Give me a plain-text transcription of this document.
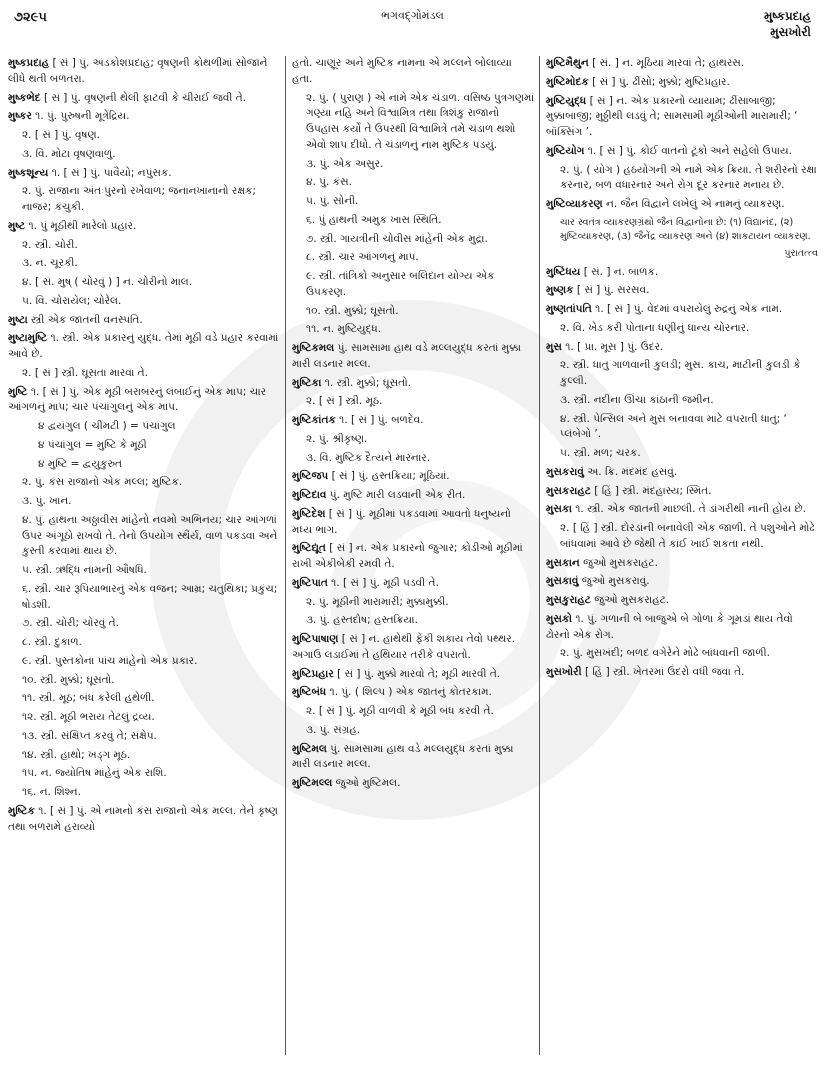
૭૨૯૫	ભગવદ્ગોમંડલ	મુષ્કપ્રદાહ
મુસખોરી
મુષ્કપ્રદાહ [ સં ] પું. અંડકોશપ્રદાહ; વૃષણની કોથળીમાં સોજાને લીધે થતી બળતરા.
મુષ્કભેદ [ સં ] પું. વૃષણની થેલી ફાટવી કે ચીરાઈ જવી તે.
મુષ્કર ૧. પું. પુરુષની મૂત્રેંદ્રિય.
૨. [ સં ] પું. વૃષણ.
૩. વિ. મોટા વૃષણવાળું.
મુષ્કશૂન્ય ૧. [ સં ] પું. પાવૈયો; નપુંસક.
૨. પું. રાજાના અંતઃપુરનો રખેવાળ; જનાનખાનાનો રક્ષક; નાજર; કંચુકી.
મુષ્ટ ૧. પું મૂઠીથી મારેલો પ્રહાર.
૨. સ્ત્રી. ચોરી.
૩. ન. ચૂરકી.
૪. [ સં. મુષ્ ( ચોરવું ) ] ન. ચોરીનો માલ.
૫. વિ. ચોરાયેલ; ચોરેલ.
મુષ્ટા સ્ત્રી એક જાતની વનસ્પતિ.
મુષ્ટામુષ્ટિ ૧. સ્ત્રી. એક પ્રકારનું યુદ્ધ. તેમાં મૂઠી વડે પ્રહાર કરવામાં આવે છે.
૨. [ સં ] સ્ત્રી. ઘૂસતા મારવા તે.
મુષ્ટિ ૧. [ સં ] પું. એક મૂઠી બરાબરનું લંબાઈનું એક માપ; ચાર આંગળનું માપ; ચાર પંચાંગુલનું એક માપ.
૪ દ્વયંગુલ ( ચીમટી ) = પંચાંગુલ
૪ પંચાંગુલ = મુષ્ટિ કે મૂઠી
૪ મુષ્ટિ = દ્વયુકુરુત
૨. પું. કંસ રાજાનો એક મલ્લ; મુષ્ટિક.
૩. પું. ખાન.
૪. પું. હાથના અઠ્ઠાવીસ માંહેનો નવમો અભિનય; ચાર આંગળાં ઉપર અંગૂઠો રાખવો તે. તેનો ઉપયોગ સ્થૈર્ય, વાળ પકડવા અને કુસ્તી કરવામાં થાય છે.
૫. સ્ત્રી. ઋદ્ધિ નામની ઔષધિ.
૬. સ્ત્રી. ચાર રૂપિયાભારનું એક વજન; આમ્ર; ચતુથિકા; પ્રકુંચ; ષોડશી.
૭. સ્ત્રી. ચોરી; ચોરવું તે.
૮. સ્ત્રી. દુકાળ.
૯. સ્ત્રી. પુસ્તકોના પાંચ માંહેનો એક પ્રકાર.
૧૦. સ્ત્રી. મુક્કો; ઘૂસતો.
૧૧. સ્ત્રી. મૂઠ; બંધ કરેલી હથેળી.
૧૨. સ્ત્રી. મૂઠી ભરાય તેટલું દ્રવ્ય.
૧૩. સ્ત્રી. સંક્ષિપ્ત કરવું તે; સંક્ષેપ.
૧૪. સ્ત્રી. હાથો; ખડ્ગ મૂઠ.
૧૫. ન. જ્યોતિષ માંહેનું એક રાશિ.
૧૬. ન. શિશ્ન.
મુષ્ટિક ૧. [ સં ] પું. એ નામનો કંસ રાજાનો એક મલ્લ. તેને કૃષ્ણ તથા બળરામે હરાવ્યો
હતો. ચાણૂર અને મુષ્ટિક નામના એ મલ્લને બોલાવ્યા હતા.
૨. પું. ( પુરાણ ) એ નામે એક ચંડાળ. વસિષ્ઠ પુત્રગણમાં ગણ્યા નહિ અને વિશ્વામિત્ર તથા ત્રિશંકુ રાજાનો ઉપહાસ કર્યો તે ઉપરથી વિશ્વામિત્રે તમે ચંડાળ થશો એવો શાપ દીધો. તે ચંડાળનું નામ મુષ્ટિક પડયું.
૩. પું. એક અસુર.
૪. પું. કંસ.
૫. પું. સોની.
૬. પું હાથની અમુક ખાસ સ્થિતિ.
૭. સ્ત્રી. ગાયત્રીની ચોવીસ માંહેની એક મુદ્રા.
૮. સ્ત્રી. ચાર આંગળનું માપ.
૯. સ્ત્રી. તાંત્રિકો અનુસાર બલિદાન યોગ્ય એક ઉપકરણ.
૧૦. સ્ત્રી. મુક્કો; ઘૂસતો.
૧૧. ન. મુષ્ટિયુદ્ધ.
મુષ્ટિકમલ પું. સામસામા હાથ વડે મલ્લયુદ્ધ કરતાં મુક્કા મારી લડનાર મલ્લ.
મુષ્ટિકા ૧. સ્ત્રી. મુક્કો; ઘૂસતો.
૨. [ સં ] સ્ત્રી. મૂઠ.
મુષ્ટિકાંતક ૧. [ સં ] પું. બળદેવ.
૨. પું. શ્રીકૃષ્ણ.
૩. વિ. મુષ્ટિક દૈત્યને મારનાર.
મુષ્ટિજપ [ સં ] પું. હસ્તક્રિયા; મૂઠિયાં.
મુષ્ટિદાવ પું. મુષ્ટિ મારી લડવાની એક રીત.
મુષ્ટિદેશ [ સં ] પું. મૂઠીમાં પકડવામાં આવતો ધનુષ્યનો મધ્ય ભાગ.
મુષ્ટિદ્યૂત [ સં ] ન. એક પ્રકારનો જુગાર; કોડીઓ મૂઠીમાં રાખી એકીબેકી રમવી તે.
મુષ્ટિપાત ૧. [ સં ] પું. મૂઠી પડવી તે.
૨. પું. મૂઠીની મારામારી; મુક્કામુક્કી.
૩. પું. હસ્તદોષ; હસ્તક્રિયા.
મુષ્ટિપાષાણ [ સં ] ન. હાથેથી ફેંકી શકાય તેવો પથ્થર. અગાઉ લડાઈમાં તે હથિયાર તરીકે વપરાતો.
મુષ્ટિપ્રહાર [ સં ] પું. મુક્કો મારવો તે; મૂઠી મારવી તે.
મુષ્ટિબંધ ૧. પું. ( શિલ્પ ) એક જાતનું કોતરકામ.
૨. [ સં ] પું. મૂઠી વાળવી કે મૂઠી બંધ કરવી તે.
૩. પું. સંગ્રહ.
મુષ્ટિમલ પું. સામસામા હાથ વડે મલ્લયુદ્ધ કરતાં મુક્કા મારી લડનાર મલ્લ.
મુષ્ટિમલ્લ જુઓ મુષ્ટિમલ.
મુષ્ટિમૈથુન [ સં. ] ન. મૂઠિયાં મારવાં તે; હાથરસ.
મુષ્ટિમોદક [ સં ] પું. ઢીંસો; મુક્કો; મુષ્ટિપ્રહાર.
મુષ્ટિયુદ્ધ [ સં ] ન. એક પ્રકારનો વ્યાયામ; ઢીંસાબાજી; મુક્કાબાજી; મુઠ્ઠીથી લડવું તે; સામસામી મૂઠીઓની મારામારી; ‘ બૉક્સિંગ ’.
મુષ્ટિયોગ ૧. [ સં ] પું. કોઈ વાતનો ટૂંકો અને સહેલો ઉપાય.
૨. પું. ( યોગ ) હઠયોગની એ નામે એક ક્રિયા. તે શરીરનો રક્ષા કરનાર, બળ વધારનાર અને રોગ દૂર કરનાર મનાય છે.
મુષ્ટિવ્યાકરણ ન. જૈન વિદ્વાને લખેલું એ નામનું વ્યાકરણ.
ચાર સ્વતંત્ર વ્યાકરણગ્રંથો જૈન વિદ્વાનોના છે: (૧) વિદ્યાનંદ, (૨) મુષ્ટિવ્યાકરણ, (૩) જૈનેંદ્ર વ્યાકરણ અને (૪) શાકટાયન વ્યાકરણ.
પુરાતત્ત્વ
મુષ્ટિંધય [ સં. ] ન. બાળક.
મુષ્ણક [ સં ] પું. સરસવ.
મુષ્ણતાંપતિ ૧. [ સં ] પું. વેદમાં વપરાયેલું રુદ્રનું એક નામ.
૨. વિ. ખેડ કરી પોતાના ધણીનું ધાન્ય ચોરનાર.
મુસ ૧. [ પ્રા. મૂસ ] પું. ઉંદર.
૨. સ્ત્રી. ધાતુ ગાળવાની કુલડી; મુસ. કાચ, માટીની કુલડી કે કુલ્લી.
૩. સ્ત્રી. નદીના ઊંચા કાંઠાની જમીન.
૪. સ્ત્રી. પેન્સિલ અને મુસ બનાવવા માટે વપરાતી ધાતુ; ‘ પ્લંબેગો ’.
૫. સ્ત્રી. મળ; ચરક.
મુસકરાવું અ. ક્રિ. મંદમંદ હસવું.
મુસકરાહટ [ હિં ] સ્ત્રી. મંદહાસ્ય; સ્મિત.
મુસકા ૧. સ્ત્રી. એક જાતની માછલી. તે ડાંગરીથી નાની હોય છે.
૨. [ હિં ] સ્ત્રી. દોરડાંની બનાવેલી એક જાળી. તે પશુઓને મોઢે બાંધવામાં આવે છે જેથી તે કાંઈ ખાઈ શકતા નથી.
મુસકાન જુઓ મુસકરાહટ.
મુસકાવું જુઓ મુસકરાવું.
મુસકુરાહટ જુઓ મુસકરાહટ.
મુસકો ૧. પું. ગળાની બે બાજુએ બે ગોળા કે ગૂમડાં થાય તેવો ઢોરનો એક રોગ.
૨. પું. મુસખંદી; બળદ વગેરેને મોઢે બાંધવાની જાળી.
મુસખોરી [ હિં ] સ્ત્રી. ખેતરમાં ઉંદરો વધી જવા તે.
